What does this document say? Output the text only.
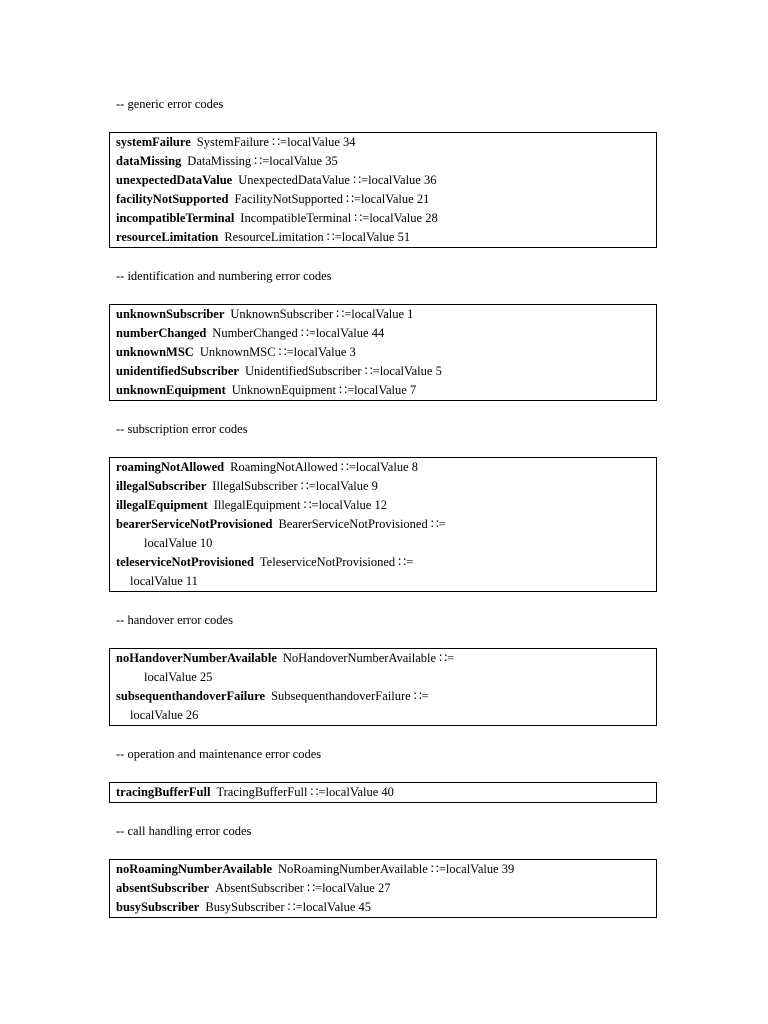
-- generic error codes
systemFailure SystemFailure ∷=localValue 34
dataMissing DataMissing ∷=localValue 35
unexpectedDataValue UnexpectedDataValue ∷=localValue 36
facilityNotSupported FacilityNotSupported ∷=localValue 21
incompatibleTerminal IncompatibleTerminal ∷=localValue 28
resourceLimitation ResourceLimitation ∷=localValue 51
-- identification and numbering error codes
unknownSubscriber UnknownSubscriber ∷=localValue 1
numberChanged NumberChanged ∷=localValue 44
unknownMSC UnknownMSC ∷=localValue 3
unidentifiedSubscriber UnidentifiedSubscriber ∷=localValue 5
unknownEquipment UnknownEquipment ∷=localValue 7
-- subscription error codes
roamingNotAllowed RoamingNotAllowed ∷=localValue 8
illegalSubscriber IllegalSubscriber ∷=localValue 9
illegalEquipment IllegalEquipment ∷=localValue 12
bearerServiceNotProvisioned BearerServiceNotProvisioned ∷=
localValue 10
teleserviceNotProvisioned TeleserviceNotProvisioned ∷=
localValue 11
-- handover error codes
noHandoverNumberAvailable NoHandoverNumberAvailable ∷=
localValue 25
subsequenthandoverFailure SubsequenthandoverFailure ∷=
localValue 26
-- operation and maintenance error codes
tracingBufferFull TracingBufferFull ∷=localValue 40
-- call handling error codes
noRoamingNumberAvailable NoRoamingNumberAvailable ∷=localValue 39
absentSubscriber AbsentSubscriber ∷=localValue 27
busySubscriber BusySubscriber ∷=localValue 45
